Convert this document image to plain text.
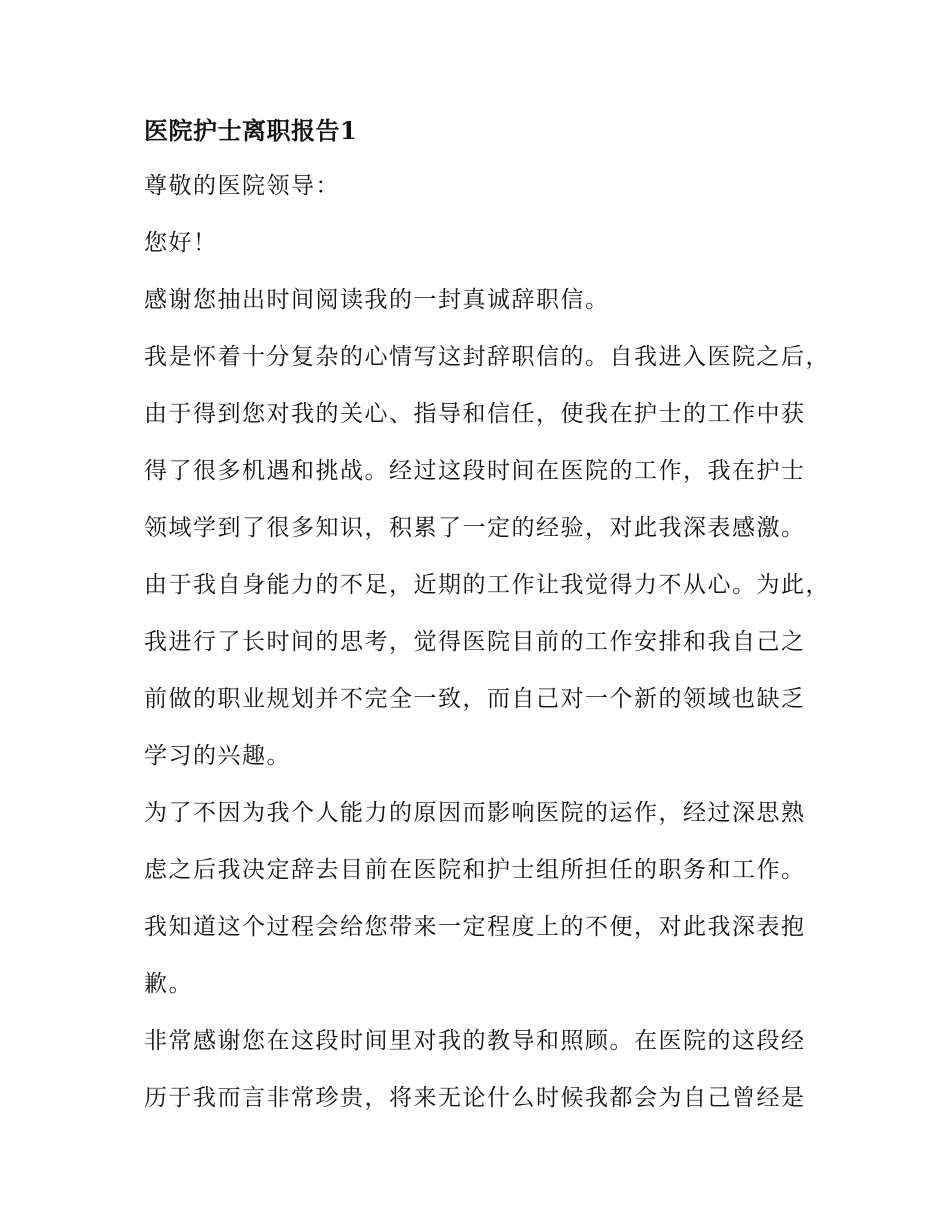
医院护士离职报告1

尊敬的医院领导：

您好！

感谢您抽出时间阅读我的一封真诚辞职信。

我是怀着十分复杂的心情写这封辞职信的。自我进入医院之后，

由于得到您对我的关心、指导和信任，使我在护士的工作中获

得了很多机遇和挑战。经过这段时间在医院的工作，我在护士

领域学到了很多知识，积累了一定的经验，对此我深表感激。

由于我自身能力的不足，近期的工作让我觉得力不从心。为此，

我进行了长时间的思考，觉得医院目前的工作安排和我自己之

前做的职业规划并不完全一致，而自己对一个新的领域也缺乏

学习的兴趣。

为了不因为我个人能力的原因而影响医院的运作，经过深思熟

虑之后我决定辞去目前在医院和护士组所担任的职务和工作。

我知道这个过程会给您带来一定程度上的不便，对此我深表抱

歉。

非常感谢您在这段时间里对我的教导和照顾。在医院的这段经

历于我而言非常珍贵，将来无论什么时候我都会为自己曾经是
